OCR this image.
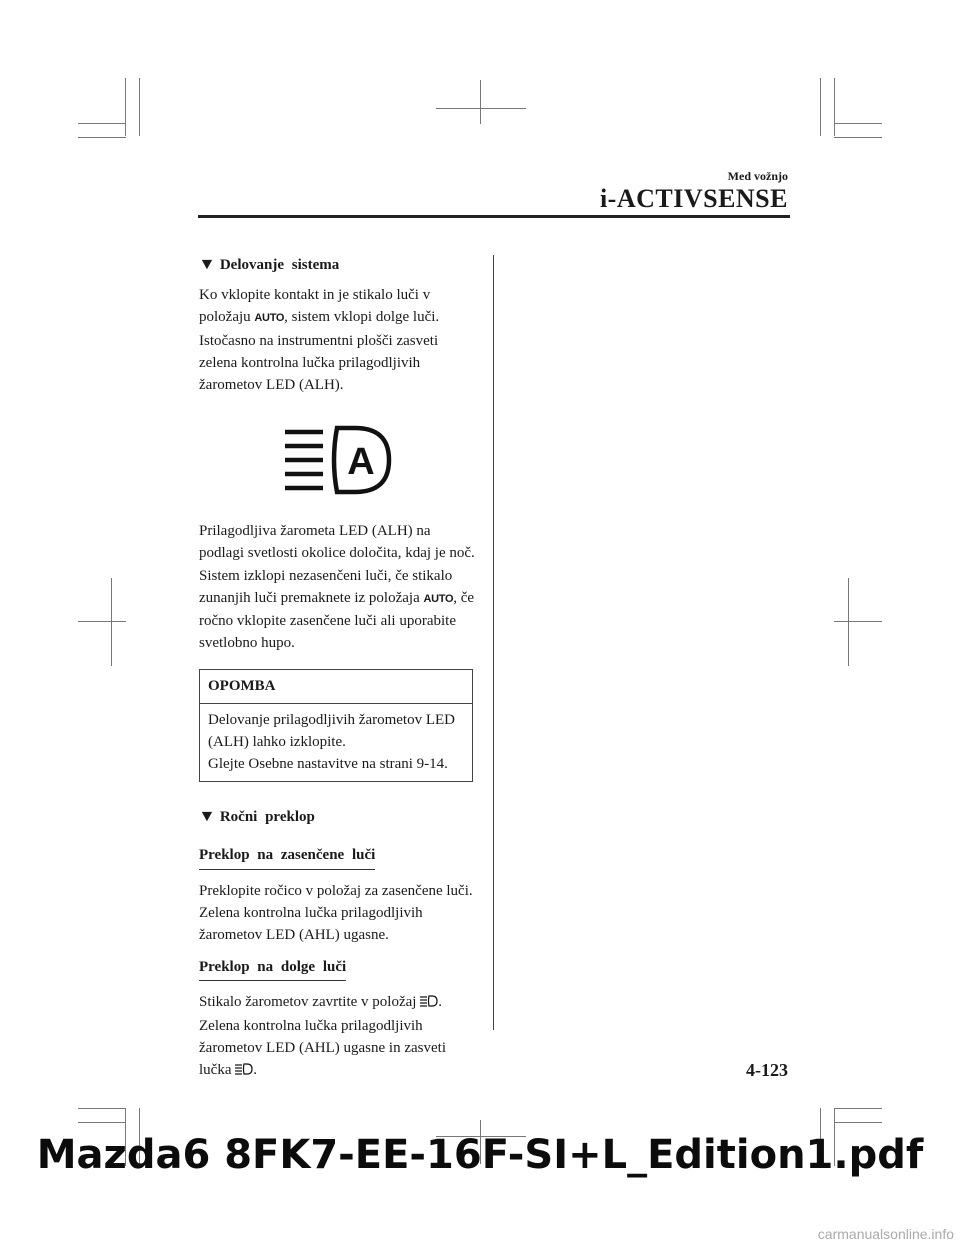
Med vožnjo
i-ACTIVSENSE
▼ Delovanje sistema

Ko vklopite kontakt in je stikalo luči v položaju AUTO, sistem vklopi dolge luči. Istočasno na instrumentni plošči zasveti zelena kontrolna lučka prilagodljivih žarometov LED (ALH).

A

Prilagodljiva žarometa LED (ALH) na podlagi svetlosti okolice določita, kdaj je noč.

Sistem izklopi nezasenčeni luči, če stikalo zunanjih luči premaknete iz položaja AUTO, če ročno vklopite zasenčene luči ali uporabite svetlobno hupo.

OPOMBA

Delovanje prilagodljivih žarometov LED (ALH) lahko izklopite.

Glejte Osebne nastavitve na strani 9-14.

▼ Ročni preklop
Preklop na zasenčene luči

Preklopite ročico v položaj za zasenčene luči.

Zelena kontrolna lučka prilagodljivih žarometov LED (AHL) ugasne.

Preklop na dolge luči

Stikalo žarometov zavrtite v položaj .

Zelena kontrolna lučka prilagodljivih žarometov LED (AHL) ugasne in zasveti lučka .	4-123
Mazda6 8FK7-EE-16F-SI+L_Edition1.pdf
carmanualsonline.info
